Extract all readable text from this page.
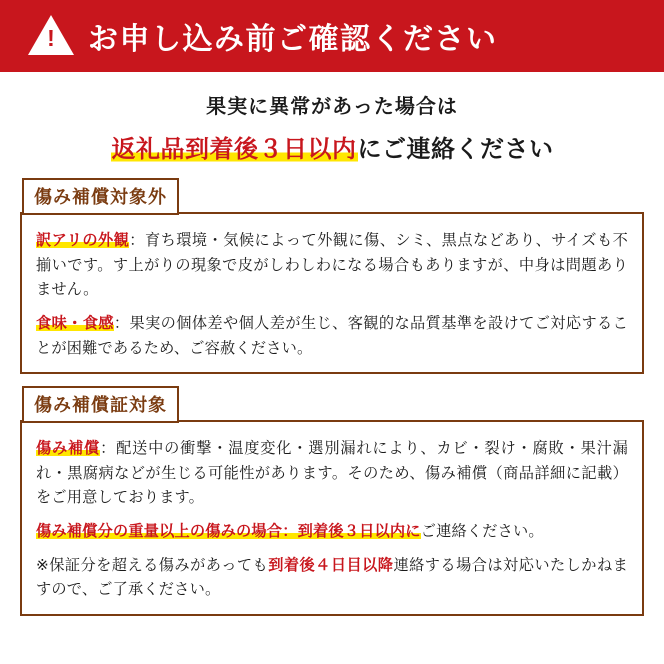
!	お申し込み前ご確認ください
果実に異常があった場合は
返礼品到着後３日以内にご連絡ください
傷み補償対象外
訳アリの外観：育ち環境・気候によって外観に傷、シミ、黒点などあり、サイズも不揃いです。す上がりの現象で皮がしわしわになる場合もありますが、中身は問題ありません。
食味・食感：果実の個体差や個人差が生じ、客観的な品質基準を設けてご対応することが困難であるため、ご容赦ください。
傷み補償証対象
傷み補償：配送中の衝撃・温度変化・選別漏れにより、カビ・裂け・腐敗・果汁漏れ・黒腐病などが生じる可能性があります。そのため、傷み補償（商品詳細に記載）をご用意しております。
傷み補償分の重量以上の傷みの場合：到着後３日以内にご連絡ください。
※保証分を超える傷みがあっても到着後４日目以降連絡する場合は対応いたしかねますので、ご了承ください。
